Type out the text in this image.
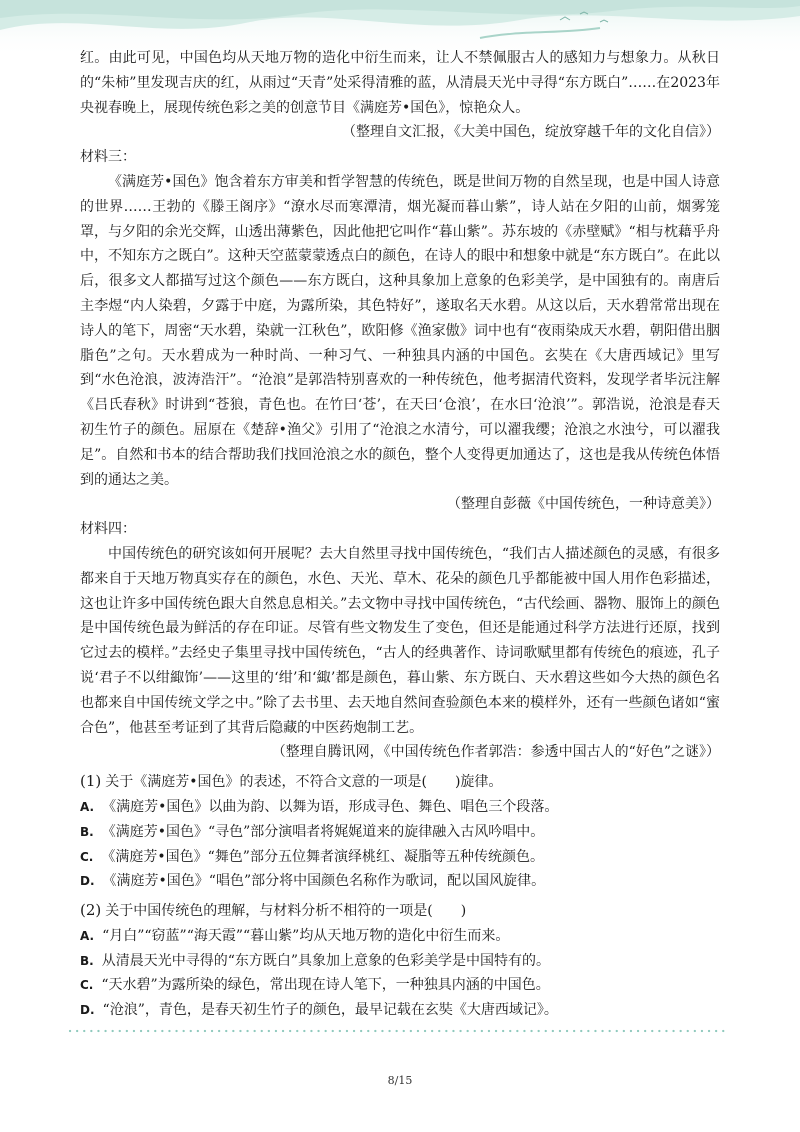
红。由此可见，中国色均从天地万物的造化中衍生而来，让人不禁佩服古人的感知力与想象力。从秋日的“朱柿”里发现吉庆的红，从雨过“天青”处采得清雅的蓝，从清晨天光中寻得“东方既白”……在2023年央视春晚上，展现传统色彩之美的创意节目《满庭芳•国色》，惊艳众人。

（整理自文汇报，《大美中国色，绽放穿越千年的文化自信》）

材料三：

《满庭芳•国色》饱含着东方审美和哲学智慧的传统色，既是世间万物的自然呈现，也是中国人诗意的世界……王勃的《滕王阁序》“潦水尽而寒潭清，烟光凝而暮山紫”，诗人站在夕阳的山前，烟雾笼罩，与夕阳的余光交辉，山透出薄紫色，因此他把它叫作“暮山紫”。苏东坡的《赤壁赋》“相与枕藉乎舟中，不知东方之既白”。这种天空蓝蒙蒙透点白的颜色，在诗人的眼中和想象中就是“东方既白”。在此以后，很多文人都描写过这个颜色——东方既白，这种具象加上意象的色彩美学，是中国独有的。南唐后主李煜“内人染碧，夕露于中庭，为露所染，其色特好”，遂取名天水碧。从这以后，天水碧常常出现在诗人的笔下，周密“天水碧，染就一江秋色”，欧阳修《渔家傲》词中也有“夜雨染成天水碧，朝阳借出胭脂色”之句。天水碧成为一种时尚、一种习气、一种独具内涵的中国色。玄奘在《大唐西域记》里写到“水色沧浪，波涛浩汗”。“沧浪”是郭浩特别喜欢的一种传统色，他考据清代资料，发现学者毕沅注解《吕氏春秋》时讲到“苍狼，青色也。在竹曰‘苍’，在天曰‘仓浪’，在水曰‘沧浪’”。郭浩说，沧浪是春天初生竹子的颜色。屈原在《楚辞•渔父》引用了“沧浪之水清兮，可以濯我缨；沧浪之水浊兮，可以濯我足”。自然和书本的结合帮助我们找回沧浪之水的颜色，整个人变得更加通达了，这也是我从传统色体悟到的通达之美。

（整理自彭薇《中国传统色，一种诗意美》）

材料四：

中国传统色的研究该如何开展呢？去大自然里寻找中国传统色，“我们古人描述颜色的灵感，有很多都来自于天地万物真实存在的颜色，水色、天光、草木、花朵的颜色几乎都能被中国人用作色彩描述，这也让许多中国传统色跟大自然息息相关。”去文物中寻找中国传统色，“古代绘画、器物、服饰上的颜色是中国传统色最为鲜活的存在印证。尽管有些文物发生了变色，但还是能通过科学方法进行还原，找到它过去的模样。”去经史子集里寻找中国传统色，“古人的经典著作、诗词歌赋里都有传统色的痕迹，孔子说‘君子不以绀緅饰’——这里的‘绀’和‘緅’都是颜色，暮山紫、东方既白、天水碧这些如今大热的颜色名也都来自中国传统文学之中。”除了去书里、去天地自然间查验颜色本来的模样外，还有一些颜色诸如“蜜合色”，他甚至考证到了其背后隐藏的中医药炮制工艺。

（整理自腾讯网，《中国传统色作者郭浩：参透中国古人的“好色”之谜》）

(1) 关于《满庭芳•国色》的表述，不符合文意的一项是( )旋律。

A. 《满庭芳•国色》以曲为韵、以舞为语，形成寻色、舞色、唱色三个段落。

B. 《满庭芳•国色》“寻色”部分演唱者将娓娓道来的旋律融入古风吟唱中。

C. 《满庭芳•国色》“舞色”部分五位舞者演绎桃红、凝脂等五种传统颜色。

D. 《满庭芳•国色》“唱色”部分将中国颜色名称作为歌词，配以国风旋律。

(2) 关于中国传统色的理解，与材料分析不相符的一项是( )

A. “月白”“窃蓝”“海天霞”“暮山紫”均从天地万物的造化中衍生而来。

B. 从清晨天光中寻得的“东方既白”具象加上意象的色彩美学是中国特有的。

C. “天水碧”为露所染的绿色，常出现在诗人笔下，一种独具内涵的中国色。

D. “沧浪”，青色，是春天初生竹子的颜色，最早记载在玄奘《大唐西域记》。

8/15
